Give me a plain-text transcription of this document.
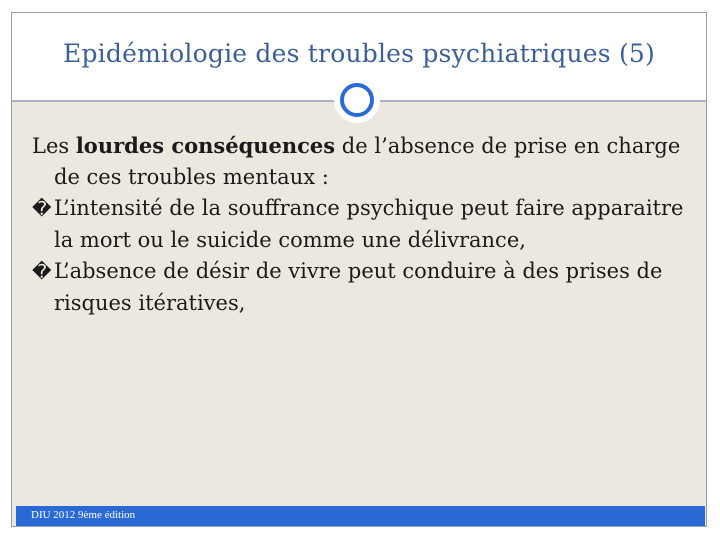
Epidémiologie des troubles psychiatriques (5)

Les lourdes conséquences de l’absence de prise en charge de ces troubles mentaux :

� L’intensité de la souffrance psychique peut faire apparaitre la mort ou le suicide comme une délivrance,

� L’absence de désir de vivre peut conduire à des prises de risques itératives,

DIU 2012 9ème édition
